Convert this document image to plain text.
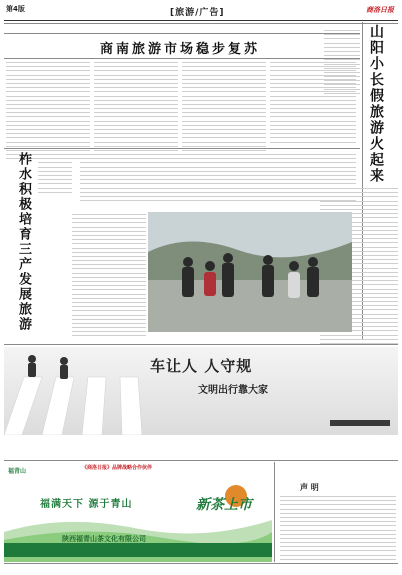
第4版	[旅游/广告]	商洛日报
商南旅游市场稳步复苏	山阳小长假旅游火起来
柞水积极培育三产发展旅游
车让人 人守规
文明出行靠大家
福青山	《商洛日报》品牌战略合作伙伴
福满天下 源于青山	新茶上市
陕西福青山茶文化有限公司
声 明
